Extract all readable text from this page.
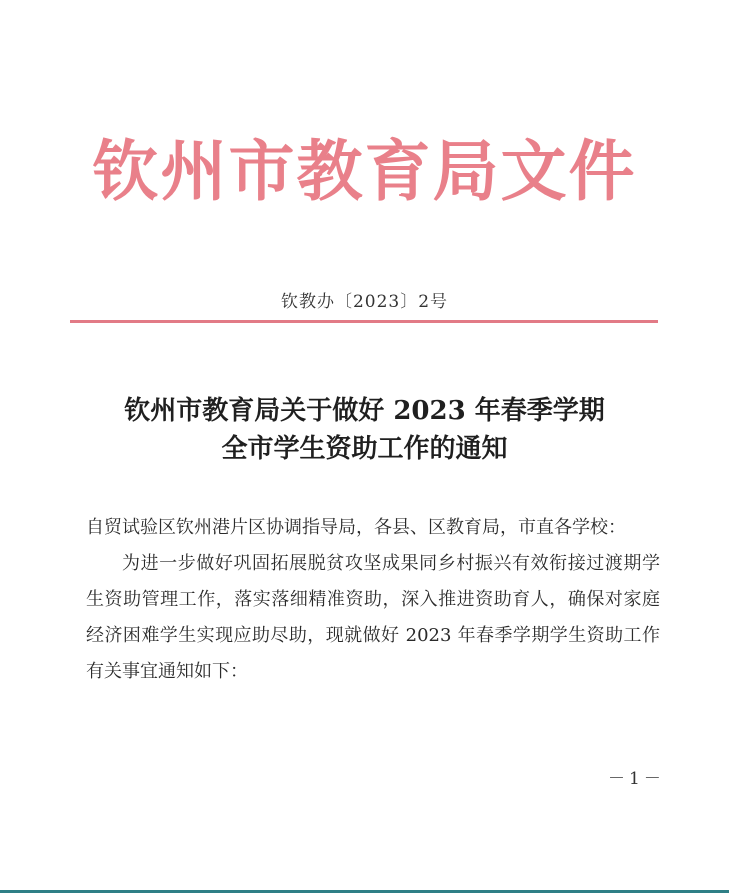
钦州市教育局文件
钦教办〔2023〕2号
钦州市教育局关于做好 2023 年春季学期
全市学生资助工作的通知

自贸试验区钦州港片区协调指导局，各县、区教育局，市直各学校：

为进一步做好巩固拓展脱贫攻坚成果同乡村振兴有效衔接过渡期学生资助管理工作，落实落细精准资助，深入推进资助育人，确保对家庭经济困难学生实现应助尽助，现就做好 2023 年春季学期学生资助工作有关事宜通知如下：

－1－
